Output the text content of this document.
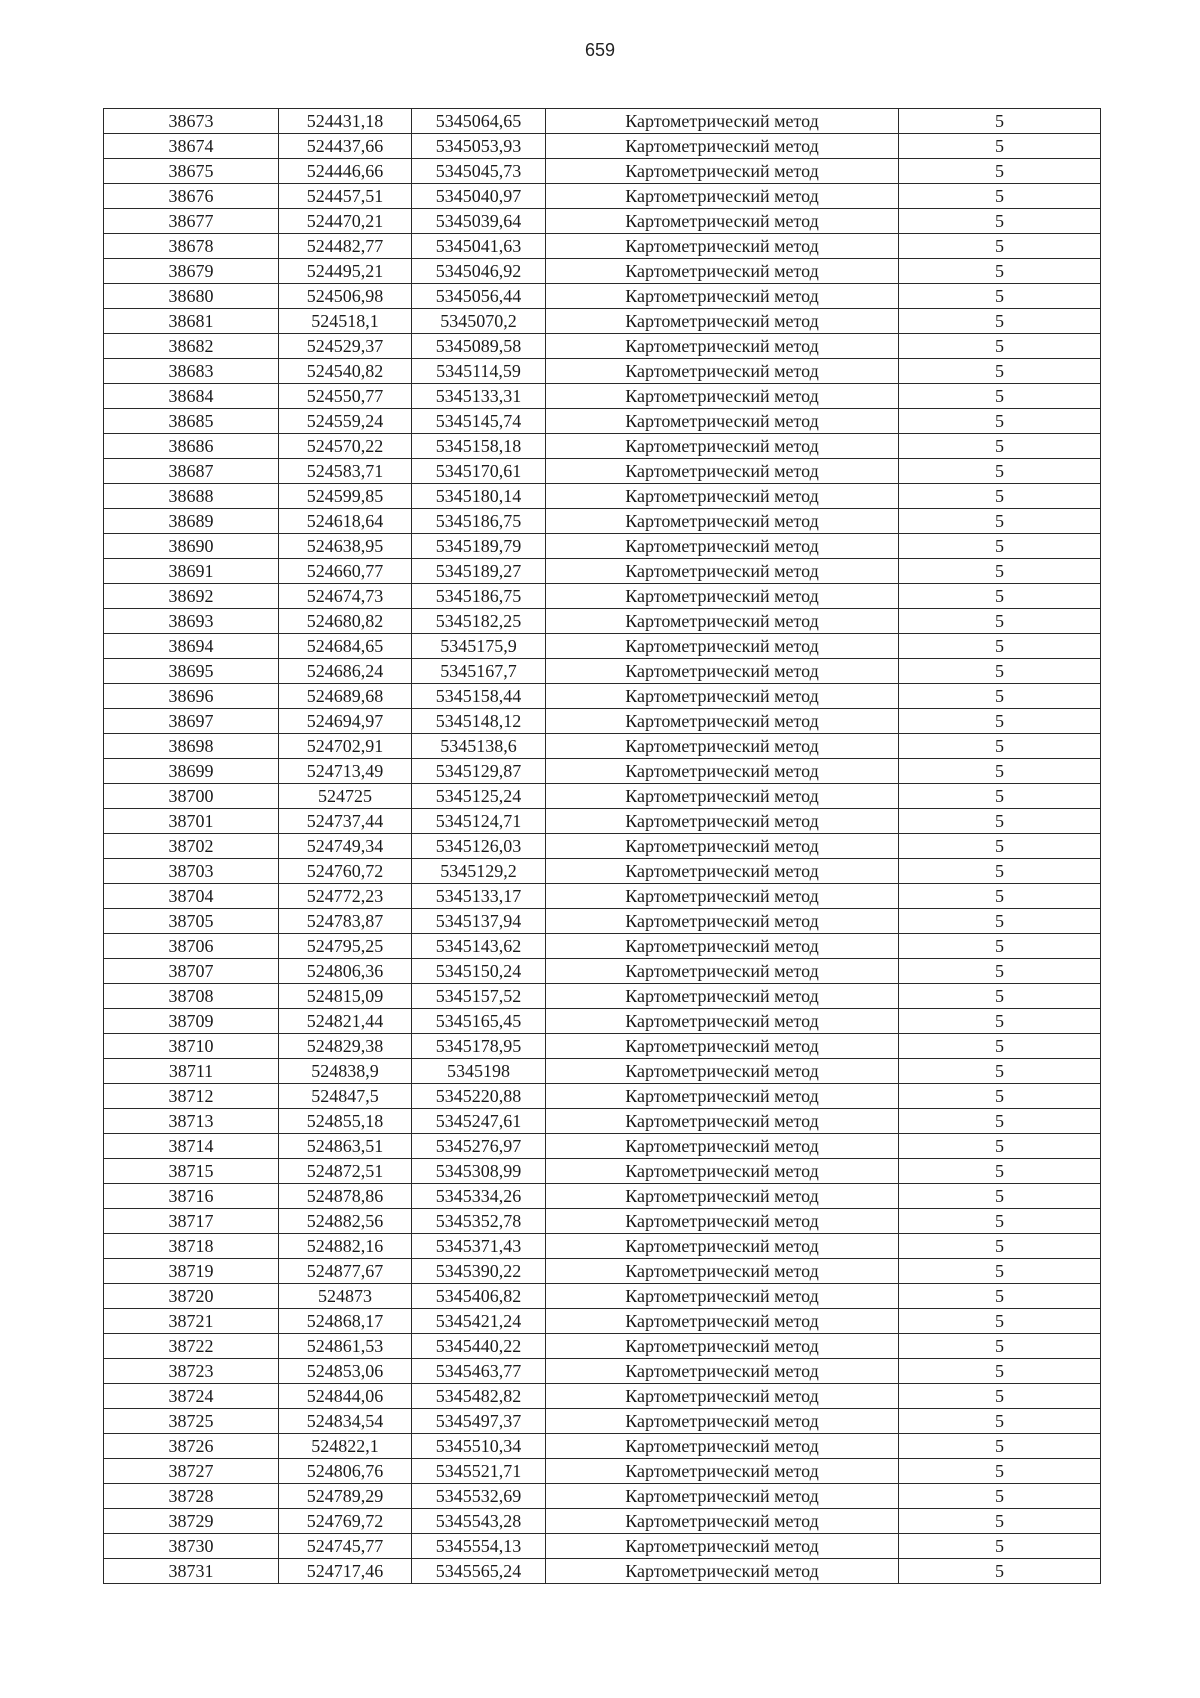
659
38673	524431,18	5345064,65	Картометрический метод	5
38674	524437,66	5345053,93	Картометрический метод	5
38675	524446,66	5345045,73	Картометрический метод	5
38676	524457,51	5345040,97	Картометрический метод	5
38677	524470,21	5345039,64	Картометрический метод	5
38678	524482,77	5345041,63	Картометрический метод	5
38679	524495,21	5345046,92	Картометрический метод	5
38680	524506,98	5345056,44	Картометрический метод	5
38681	524518,1	5345070,2	Картометрический метод	5
38682	524529,37	5345089,58	Картометрический метод	5
38683	524540,82	5345114,59	Картометрический метод	5
38684	524550,77	5345133,31	Картометрический метод	5
38685	524559,24	5345145,74	Картометрический метод	5
38686	524570,22	5345158,18	Картометрический метод	5
38687	524583,71	5345170,61	Картометрический метод	5
38688	524599,85	5345180,14	Картометрический метод	5
38689	524618,64	5345186,75	Картометрический метод	5
38690	524638,95	5345189,79	Картометрический метод	5
38691	524660,77	5345189,27	Картометрический метод	5
38692	524674,73	5345186,75	Картометрический метод	5
38693	524680,82	5345182,25	Картометрический метод	5
38694	524684,65	5345175,9	Картометрический метод	5
38695	524686,24	5345167,7	Картометрический метод	5
38696	524689,68	5345158,44	Картометрический метод	5
38697	524694,97	5345148,12	Картометрический метод	5
38698	524702,91	5345138,6	Картометрический метод	5
38699	524713,49	5345129,87	Картометрический метод	5
38700	524725	5345125,24	Картометрический метод	5
38701	524737,44	5345124,71	Картометрический метод	5
38702	524749,34	5345126,03	Картометрический метод	5
38703	524760,72	5345129,2	Картометрический метод	5
38704	524772,23	5345133,17	Картометрический метод	5
38705	524783,87	5345137,94	Картометрический метод	5
38706	524795,25	5345143,62	Картометрический метод	5
38707	524806,36	5345150,24	Картометрический метод	5
38708	524815,09	5345157,52	Картометрический метод	5
38709	524821,44	5345165,45	Картометрический метод	5
38710	524829,38	5345178,95	Картометрический метод	5
38711	524838,9	5345198	Картометрический метод	5
38712	524847,5	5345220,88	Картометрический метод	5
38713	524855,18	5345247,61	Картометрический метод	5
38714	524863,51	5345276,97	Картометрический метод	5
38715	524872,51	5345308,99	Картометрический метод	5
38716	524878,86	5345334,26	Картометрический метод	5
38717	524882,56	5345352,78	Картометрический метод	5
38718	524882,16	5345371,43	Картометрический метод	5
38719	524877,67	5345390,22	Картометрический метод	5
38720	524873	5345406,82	Картометрический метод	5
38721	524868,17	5345421,24	Картометрический метод	5
38722	524861,53	5345440,22	Картометрический метод	5
38723	524853,06	5345463,77	Картометрический метод	5
38724	524844,06	5345482,82	Картометрический метод	5
38725	524834,54	5345497,37	Картометрический метод	5
38726	524822,1	5345510,34	Картометрический метод	5
38727	524806,76	5345521,71	Картометрический метод	5
38728	524789,29	5345532,69	Картометрический метод	5
38729	524769,72	5345543,28	Картометрический метод	5
38730	524745,77	5345554,13	Картометрический метод	5
38731	524717,46	5345565,24	Картометрический метод	5
